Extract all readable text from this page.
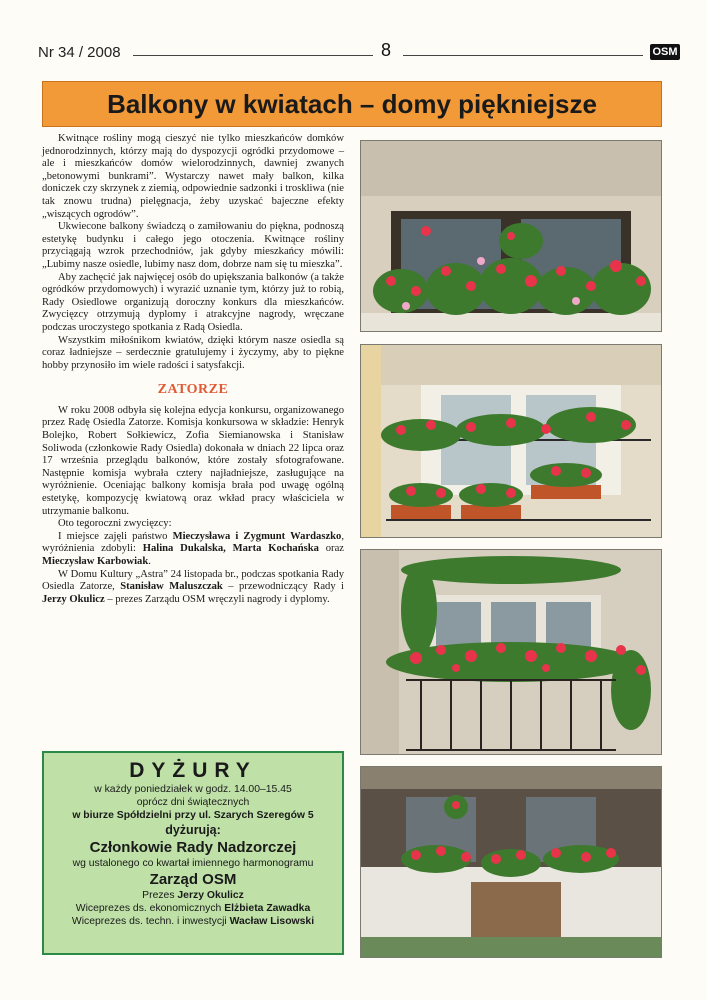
Nr 34 / 2008	8	OSM
Balkony w kwiatach – domy piękniejsze

Kwitnące rośliny mogą cieszyć nie tylko mieszkańców domków jednorodzinnych, którzy mają do dyspozycji ogródki przydomowe – ale i mieszkańców domów wielorodzinnych, dawniej zwanych „betonowymi bunkrami”. Wystarczy nawet mały balkon, kilka doniczek czy skrzynek z ziemią, odpowiednie sadzonki i troskliwa (nie tak znowu trudna) pielęgnacja, żeby uzyskać bajeczne efekty „wiszących ogrodów”.

Ukwiecone balkony świadczą o zamiłowaniu do piękna, podnoszą estetykę budynku i całego jego otoczenia. Kwitnące rośliny przyciągają wzrok przechodniów, jak gdyby mieszkańcy mówili: „Lubimy nasze osiedle, lubimy nasz dom, dobrze nam się tu mieszka”.

Aby zachęcić jak najwięcej osób do upiększania balkonów (a także ogródków przydomowych) i wyrazić uznanie tym, którzy już to robią, Rady Osiedlowe organizują doroczny konkurs dla mieszkańców. Zwycięzcy otrzymują dyplomy i atrakcyjne nagrody, wręczane podczas uroczystego spotkania z Radą Osiedla.

Wszystkim miłośnikom kwiatów, dzięki którym nasze osiedla są coraz ładniejsze – serdecznie gratulujemy i życzymy, aby to piękne hobby przynosiło im wiele radości i satysfakcji.

ZATORZE

W roku 2008 odbyła się kolejna edycja konkursu, organizowanego przez Radę Osiedla Zatorze. Komisja konkursowa w składzie: Henryk Bolejko, Robert Sołkiewicz, Zofia Siemianowska i Stanisław Soliwoda (członkowie Rady Osiedla) dokonała w dniach 22 lipca oraz 17 września przeglądu balkonów, które zostały sfotografowane. Następnie komisja wybrała cztery najładniejsze, zasługujące na wyróżnienie. Oceniając balkony komisja brała pod uwagę ogólną estetykę, kompozycję kwiatową oraz wkład pracy właściciela w utrzymanie balkonu.

Oto tegoroczni zwycięzcy:

I miejsce zajęli państwo Mieczysława i Zygmunt Wardaszko, wyróżnienia zdobyli: Halina Dukalska, Marta Kochańska oraz Mieczysław Karbowiak.

W Domu Kultury „Astra” 24 listopada br., podczas spotkania Rady Osiedla Zatorze, Stanisław Maluszczak – przewodniczący Rady i Jerzy Okulicz – prezes Zarządu OSM wręczyli nagrody i dyplomy.

DYŻURY
w każdy poniedziałek w godz. 14.00–15.45
oprócz dni świątecznych
w biurze Spółdzielni przy ul. Szarych Szeregów 5
dyżurują:
Członkowie Rady Nadzorczej
wg ustalonego co kwartał imiennego harmonogramu
Zarząd OSM
Prezes Jerzy Okulicz
Wiceprezes ds. ekonomicznych Elżbieta Zawadka
Wiceprezes ds. techn. i inwestycji Wacław Lisowski
